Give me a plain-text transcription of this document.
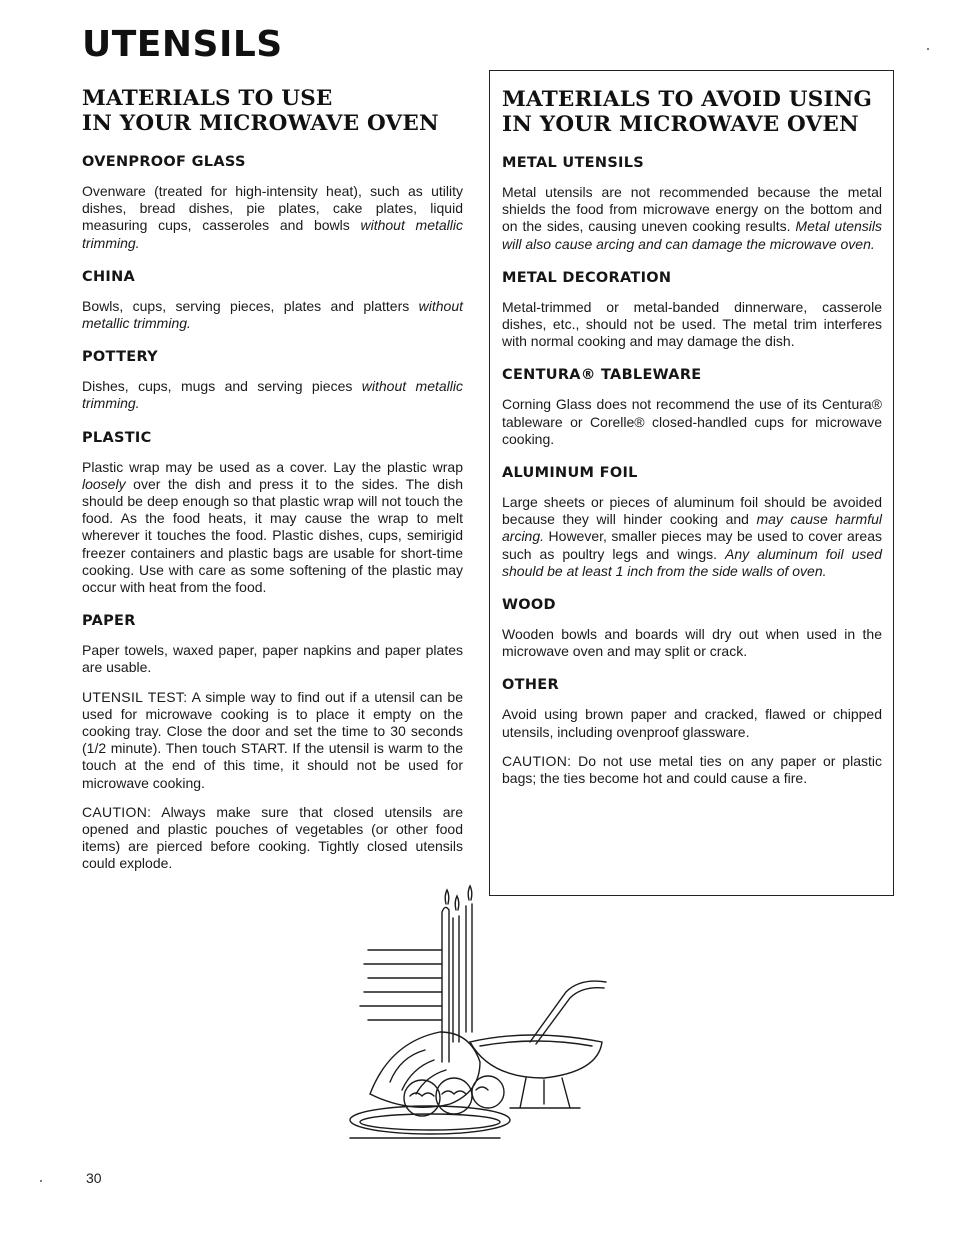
UTENSILS
MATERIALS TO USE
IN YOUR MICROWAVE OVEN
OVENPROOF GLASS

Ovenware (treated for high-intensity heat), such as utility dishes, bread dishes, pie plates, cake plates, liquid measuring cups, casseroles and bowls without metallic trimming.

CHINA

Bowls, cups, serving pieces, plates and platters without metallic trimming.

POTTERY

Dishes, cups, mugs and serving pieces without metallic trimming.

PLASTIC

Plastic wrap may be used as a cover. Lay the plastic wrap loosely over the dish and press it to the sides. The dish should be deep enough so that plastic wrap will not touch the food. As the food heats, it may cause the wrap to melt wherever it touches the food. Plastic dishes, cups, semirigid freezer containers and plastic bags are usable for short-time cooking. Use with care as some softening of the plastic may occur with heat from the food.

PAPER

Paper towels, waxed paper, paper napkins and paper plates are usable.

UTENSIL TEST: A simple way to find out if a utensil can be used for microwave cooking is to place it empty on the cooking tray. Close the door and set the time to 30 seconds (1/2 minute). Then touch START. If the utensil is warm to the touch at the end of this time, it should not be used for microwave cooking.

CAUTION: Always make sure that closed utensils are opened and plastic pouches of vegetables (or other food items) are pierced before cooking. Tightly closed utensils could explode.

MATERIALS TO AVOID USING
IN YOUR MICROWAVE OVEN
METAL UTENSILS

Metal utensils are not recommended because the metal shields the food from microwave energy on the bottom and on the sides, causing uneven cooking results. Metal utensils will also cause arcing and can damage the microwave oven.

METAL DECORATION

Metal-trimmed or metal-banded dinnerware, casserole dishes, etc., should not be used. The metal trim interferes with normal cooking and may damage the dish.

CENTURA® TABLEWARE

Corning Glass does not recommend the use of its Centura® tableware or Corelle® closed-handled cups for microwave cooking.

ALUMINUM FOIL

Large sheets or pieces of aluminum foil should be avoided because they will hinder cooking and may cause harmful arcing. However, smaller pieces may be used to cover areas such as poultry legs and wings. Any aluminum foil used should be at least 1 inch from the side walls of oven.

WOOD

Wooden bowls and boards will dry out when used in the microwave oven and may split or crack.

OTHER

Avoid using brown paper and cracked, flawed or chipped utensils, including ovenproof glassware.

CAUTION: Do not use metal ties on any paper or plastic bags; the ties become hot and could cause a fire.

30
